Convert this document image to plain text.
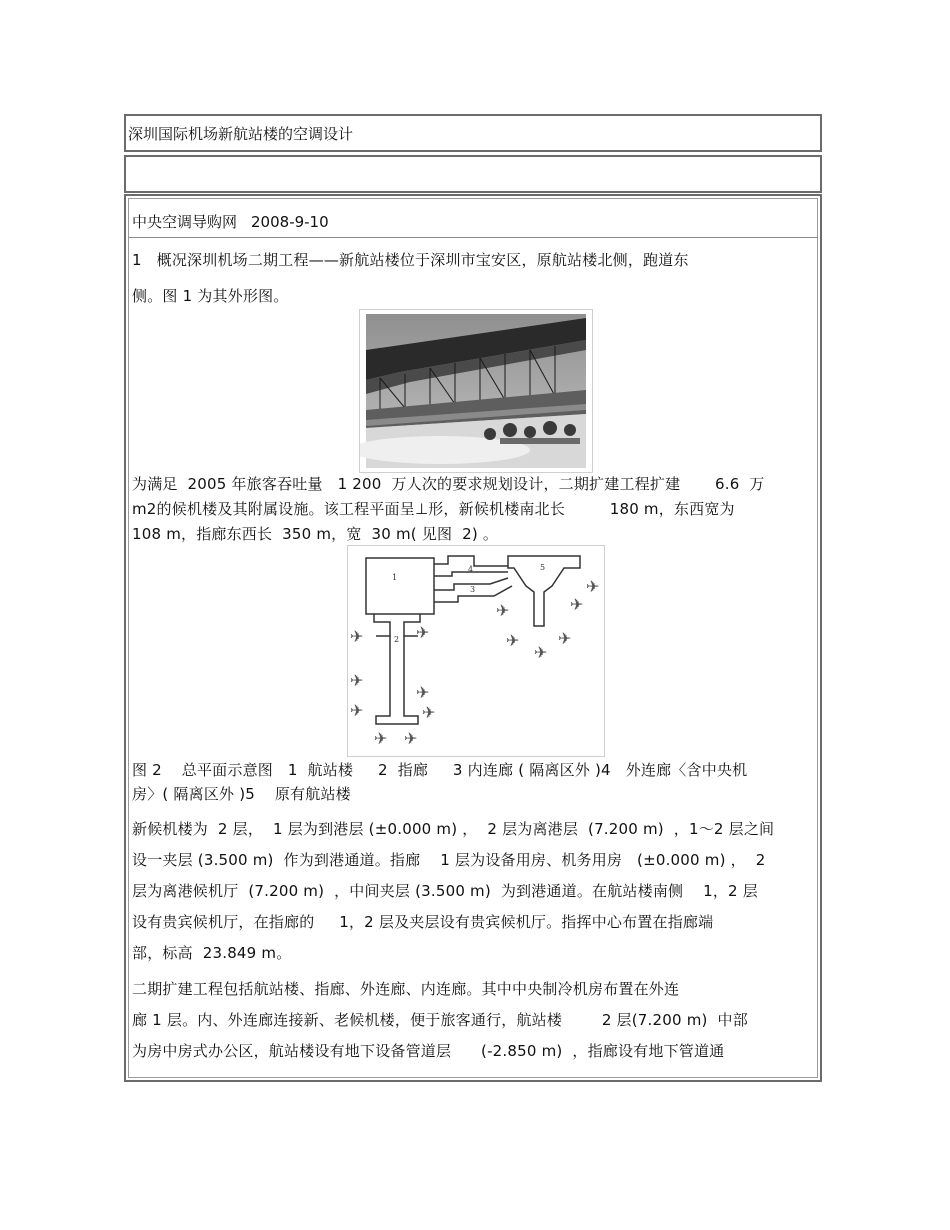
深圳国际机场新航站楼的空调设计
中央空调导购网 2008-9-10
1   概况深圳机场二期工程——新航站楼位于深圳市宝安区，原航站楼北侧，跑道东
侧。图 1 为其外形图。
为满足  2005 年旅客吞吐量   1 200  万人次的要求规划设计，二期扩建工程扩建       6.6  万
m2的候机楼及其附属设施。该工程平面呈⊥形，新候机楼南北长         180 m，东西宽为
108 m，指廊东西长  350 m，宽  30 m( 见图  2) 。
1
2
3
4	5
✈	✈
✈
✈
✈	✈
✈ ✈
✈	✈
✈ ✈
✈
✈
图 2    总平面示意图   1  航站楼     2  指廊     3 内连廊 ( 隔离区外 )4   外连廊〈含中央机
房〉( 隔离区外 )5    原有航站楼
新候机楼为  2 层，  1 层为到港层 (±0.000 m) ，  2 层为离港层  (7.200 m)  ，1～2 层之间
设一夹层 (3.500 m)  作为到港通道。指廊    1 层为设备用房、机务用房   (±0.000 m) ，  2
层为离港候机厅  (7.200 m)  ，中间夹层 (3.500 m)  为到港通道。在航站楼南侧    1，2 层
设有贵宾候机厅，在指廊的     1，2 层及夹层设有贵宾候机厅。指挥中心布置在指廊端
部，标高  23.849 m。
二期扩建工程包括航站楼、指廊、外连廊、内连廊。其中中央制冷机房布置在外连
廊 1 层。内、外连廊连接新、老候机楼，便于旅客通行，航站楼        2 层(7.200 m)  中部
为房中房式办公区，航站楼设有地下设备管道层      (-2.850 m)  ，指廊设有地下管道通
